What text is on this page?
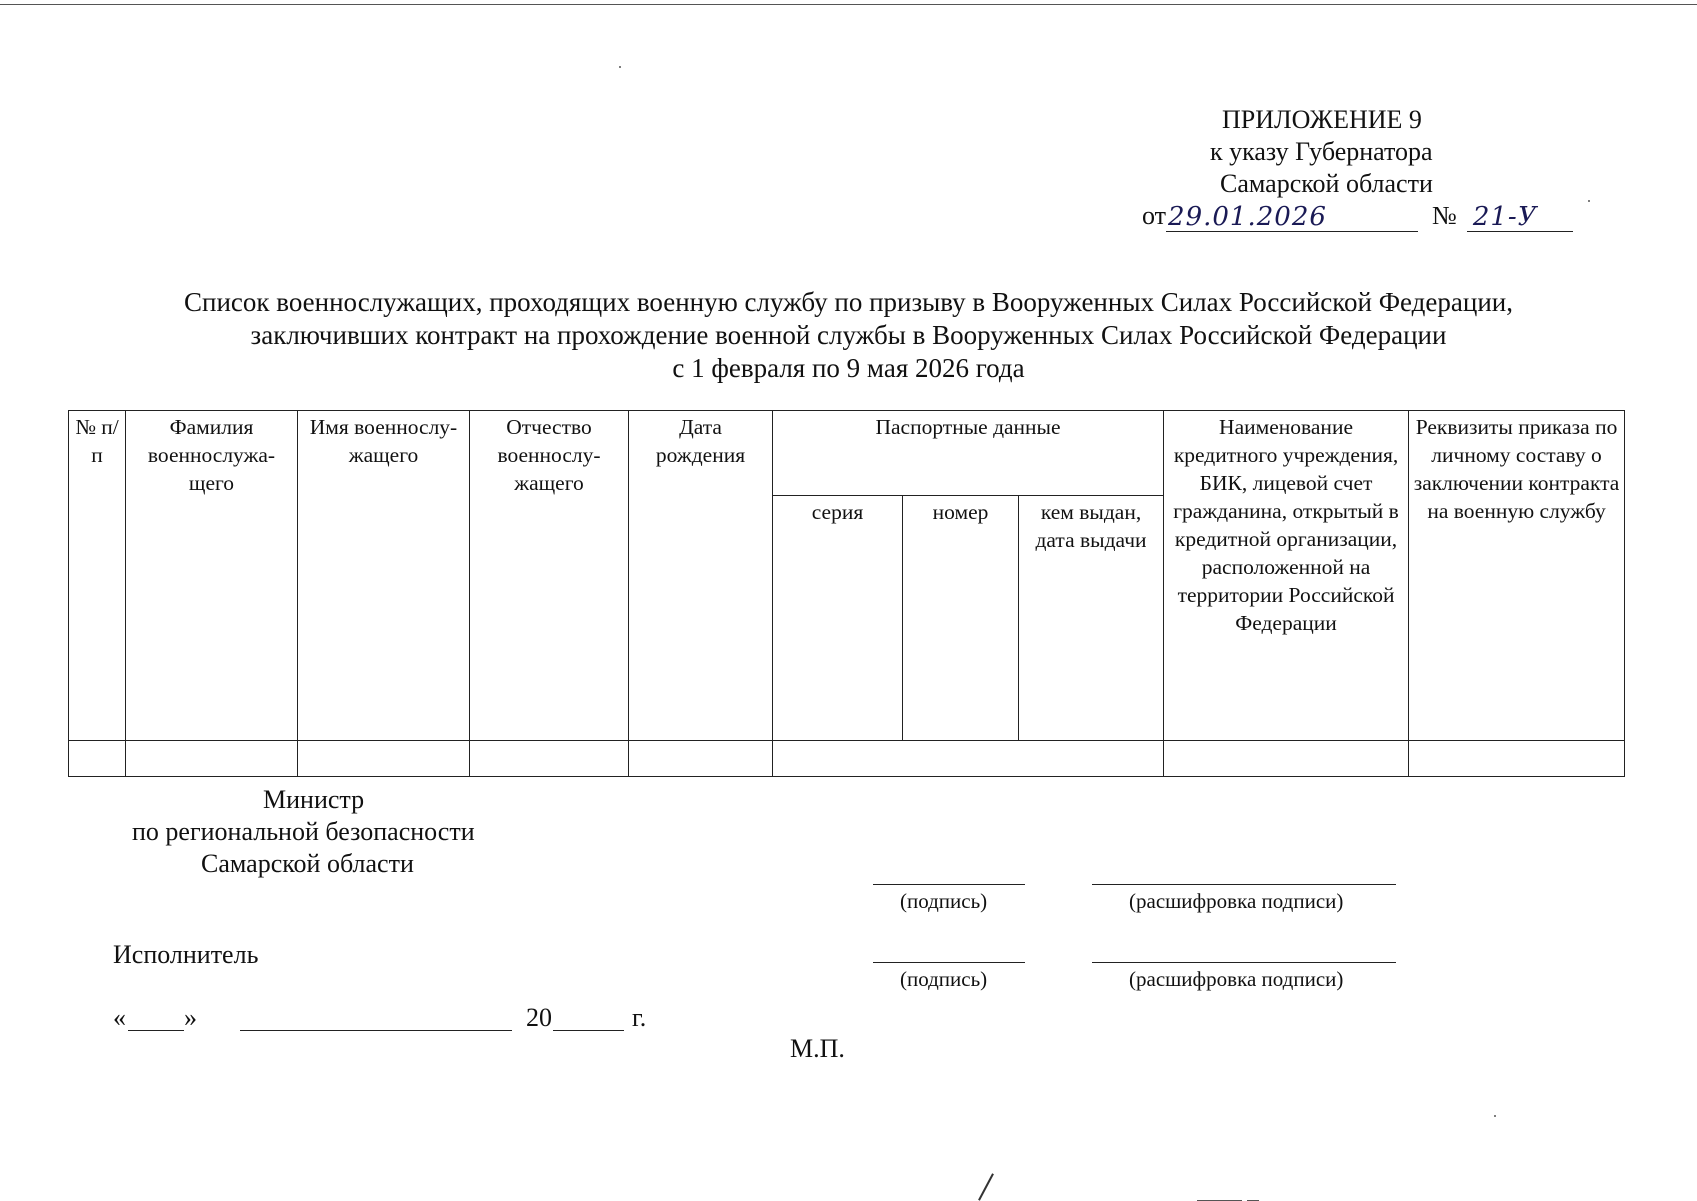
ПРИЛОЖЕНИЕ 9
к указу Губернатора
Самарской области
от29.01.2026	№ 21-У
Список военнослужащих, проходящих военную службу по призыву в Вооруженных Силах Российской Федерации,
заключивших контракт на прохождение военной службы в Вооруженных Силах Российской Федерации
с 1 февраля по 9 мая 2026 года
№ п/п	Фамилия военнослужа- щего	Имя военнослу- жащего	Отчество военнослу- жащего	Дата рождения	Паспортные данные			Наименование кредитного учреждения, БИК, лицевой счет гражданина, открытый в кредитной организации, расположенной на территории Российской Федерации	Реквизиты приказа по личному составу о заключении контракта на военную службу
					серия	номер	кем выдан, дата выдачи		

Министр
по региональной безопасности
Самарской области
(подпись)	(расшифровка подписи)
Исполнитель
(подпись)	(расшифровка подписи)
« »	20	г.
М.П.
